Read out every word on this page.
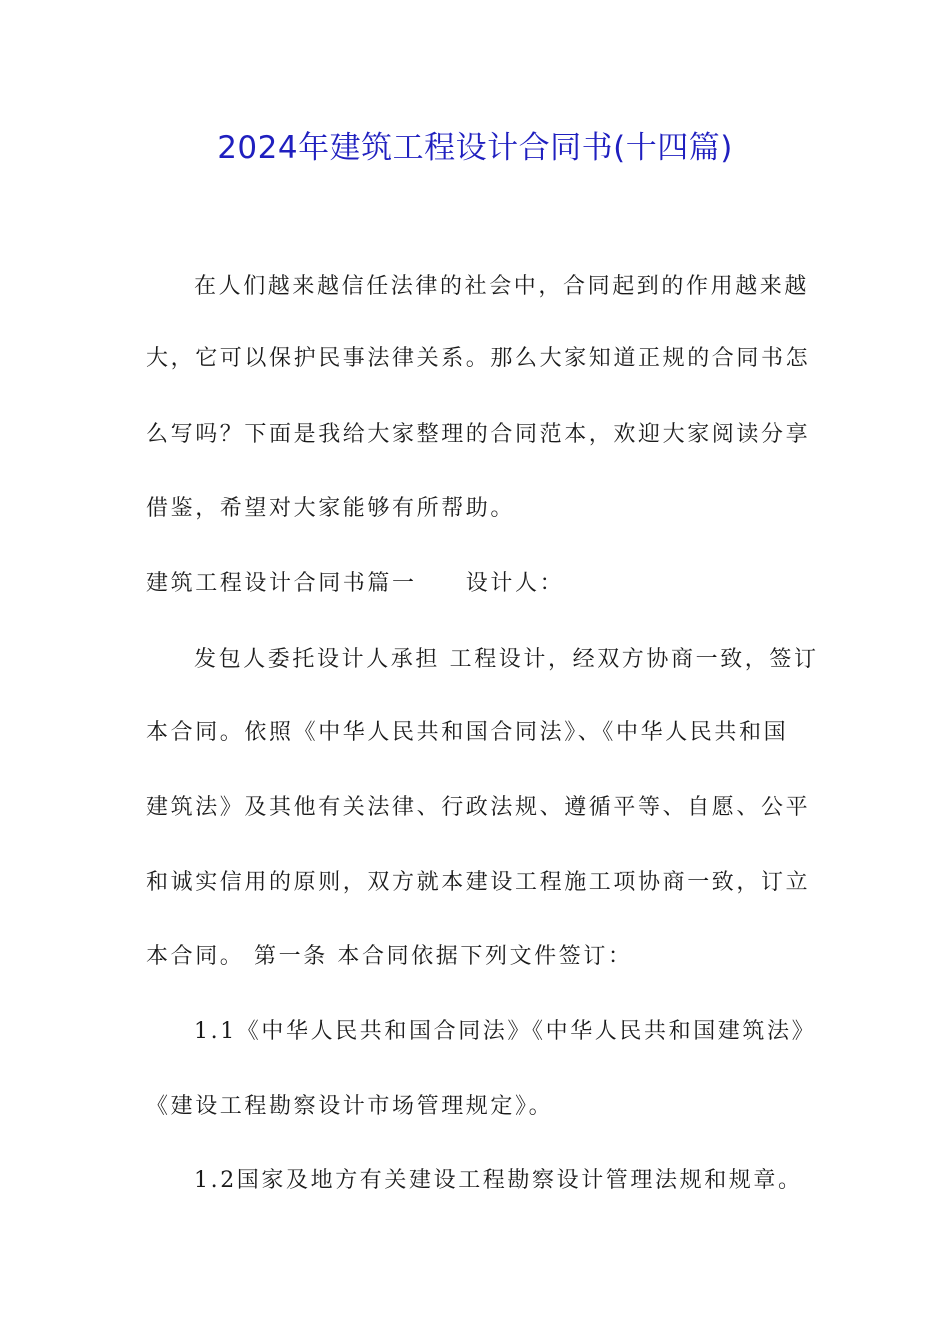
2024年建筑工程设计合同书(十四篇)

在人们越来越信任法律的社会中，合同起到的作用越来越

大，它可以保护民事法律关系。那么大家知道正规的合同书怎

么写吗？下面是我给大家整理的合同范本，欢迎大家阅读分享

借鉴，希望对大家能够有所帮助。

建筑工程设计合同书篇一　　设计人：

发包人委托设计人承担 工程设计，经双方协商一致，签订

本合同。依照《中华人民共和国合同法》、《中华人民共和国

建筑法》及其他有关法律、行政法规、遵循平等、自愿、公平

和诚实信用的原则，双方就本建设工程施工项协商一致，订立

本合同。 第一条 本合同依据下列文件签订：

1.1《中华人民共和国合同法》《中华人民共和国建筑法》

《建设工程勘察设计市场管理规定》。

1.2国家及地方有关建设工程勘察设计管理法规和规章。
